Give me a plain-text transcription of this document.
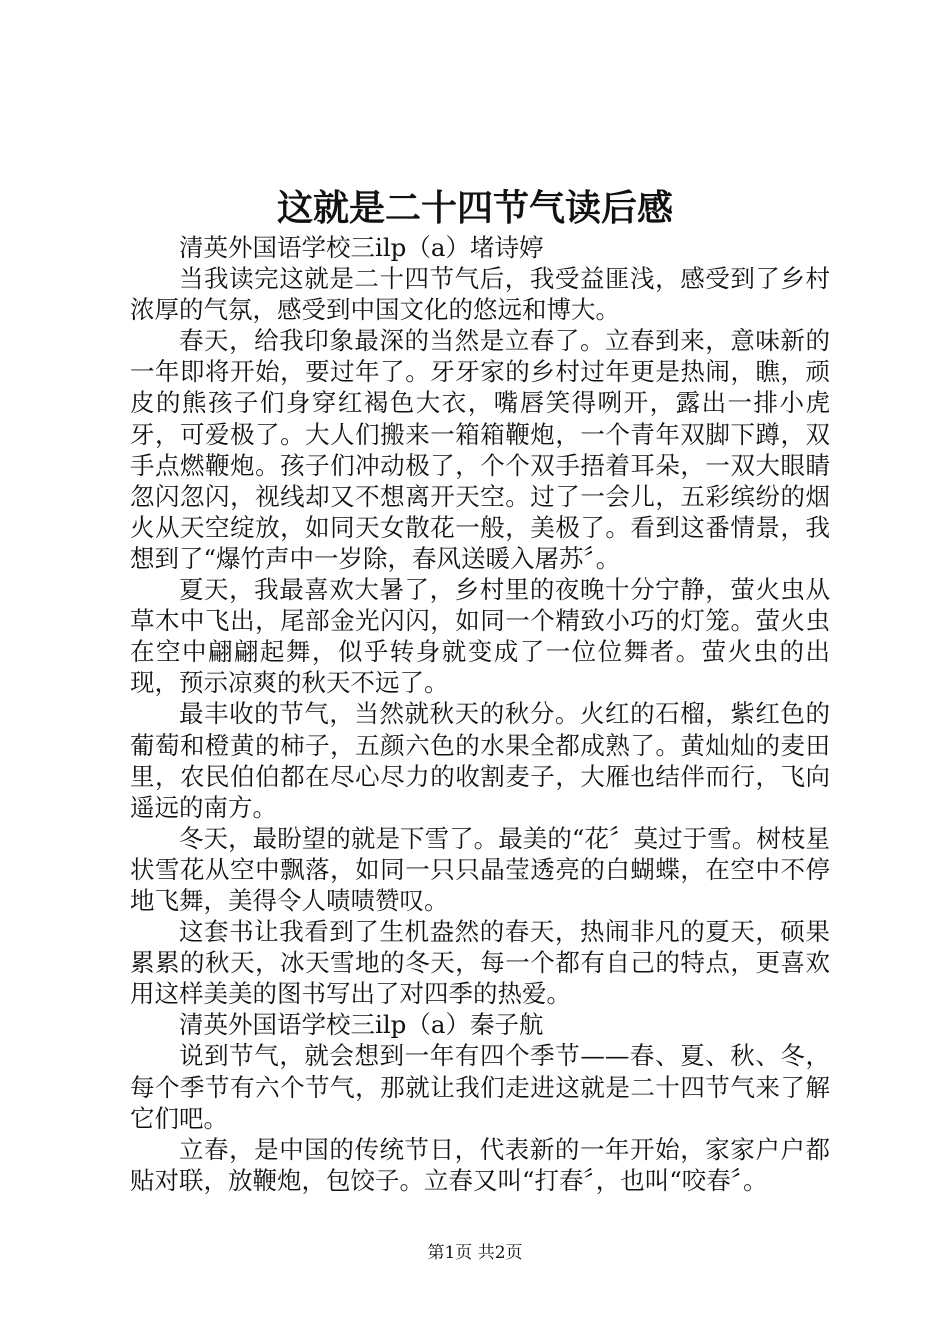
这就是二十四节气读后感

清英外国语学校三ilp（a）堵诗婷

当我读完这就是二十四节气后，我受益匪浅，感受到了乡村浓厚的气氛，感受到中国文化的悠远和博大。

春天，给我印象最深的当然是立春了。立春到来，意味新的一年即将开始，要过年了。牙牙家的乡村过年更是热闹，瞧，顽皮的熊孩子们身穿红褐色大衣，嘴唇笑得咧开，露出一排小虎牙，可爱极了。大人们搬来一箱箱鞭炮，一个青年双脚下蹲，双手点燃鞭炮。孩子们冲动极了，个个双手捂着耳朵，一双大眼睛忽闪忽闪，视线却又不想离开天空。过了一会儿，五彩缤纷的烟火从天空绽放，如同天女散花一般，美极了。看到这番情景，我想到了“爆竹声中一岁除，春风送暖入屠苏〞。

夏天，我最喜欢大暑了，乡村里的夜晚十分宁静，萤火虫从草木中飞出，尾部金光闪闪，如同一个精致小巧的灯笼。萤火虫在空中翩翩起舞，似乎转身就变成了一位位舞者。萤火虫的出现，预示凉爽的秋天不远了。

最丰收的节气，当然就秋天的秋分。火红的石榴，紫红色的葡萄和橙黄的柿子，五颜六色的水果全都成熟了。黄灿灿的麦田里，农民伯伯都在尽心尽力的收割麦子，大雁也结伴而行，飞向遥远的南方。

冬天，最盼望的就是下雪了。最美的“花〞莫过于雪。树枝星状雪花从空中飘落，如同一只只晶莹透亮的白蝴蝶，在空中不停地飞舞，美得令人啧啧赞叹。

这套书让我看到了生机盎然的春天，热闹非凡的夏天，硕果累累的秋天，冰天雪地的冬天，每一个都有自己的特点，更喜欢用这样美美的图书写出了对四季的热爱。

清英外国语学校三ilp（a）秦子航

说到节气，就会想到一年有四个季节——春、夏、秋、冬，每个季节有六个节气，那就让我们走进这就是二十四节气来了解它们吧。

立春，是中国的传统节日，代表新的一年开始，家家户户都贴对联，放鞭炮，包饺子。立春又叫“打春〞，也叫“咬春〞。

第1页 共2页
